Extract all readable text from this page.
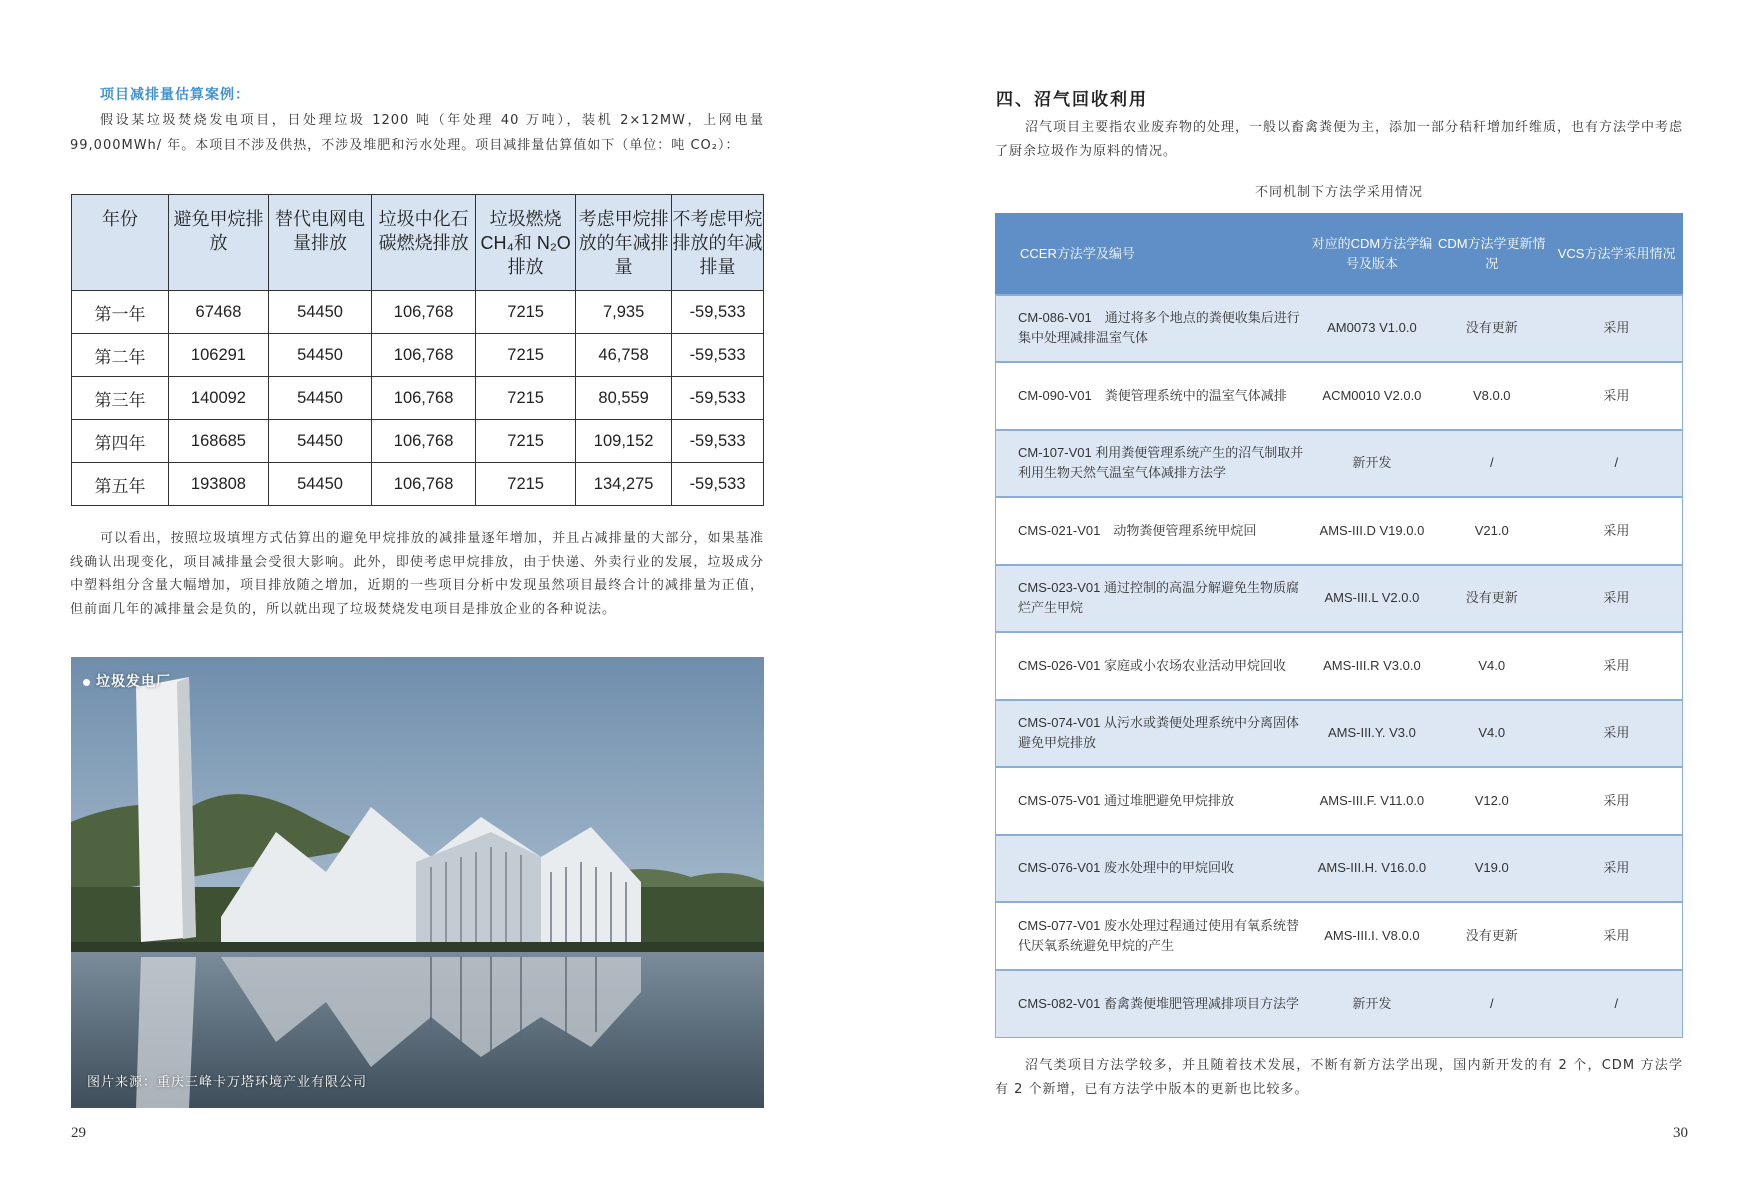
项目减排量估算案例：

假设某垃圾焚烧发电项目，日处理垃圾 1200 吨（年处理 40 万吨），装机 2×12MW，上网电量 99,000MWh/ 年。本项目不涉及供热，不涉及堆肥和污水处理。项目减排量估算值如下（单位：吨 CO₂）：

年份	避免甲烷排放	替代电网电量排放	垃圾中化石碳燃烧排放	垃圾燃烧 CH₄和 N₂O 排放	考虑甲烷排放的年减排量	不考虑甲烷排放的年减排量
第一年	67468	54450	106,768	7215	7,935	-59,533
第二年	106291	54450	106,768	7215	46,758	-59,533
第三年	140092	54450	106,768	7215	80,559	-59,533
第四年	168685	54450	106,768	7215	109,152	-59,533
第五年	193808	54450	106,768	7215	134,275	-59,533

可以看出，按照垃圾填埋方式估算出的避免甲烷排放的减排量逐年增加，并且占减排量的大部分，如果基准线确认出现变化，项目减排量会受很大影响。此外，即使考虑甲烷排放，由于快递、外卖行业的发展，垃圾成分中塑料组分含量大幅增加，项目排放随之增加，近期的一些项目分析中发现虽然项目最终合计的减排量为正值，但前面几年的减排量会是负的，所以就出现了垃圾焚烧发电项目是排放企业的各种说法。

垃圾发电厂
图片来源：重庆三峰卡万塔环境产业有限公司
29
四、沼气回收利用

沼气项目主要指农业废弃物的处理，一般以畜禽粪便为主，添加一部分秸秆增加纤维质，也有方法学中考虑了厨余垃圾作为原料的情况。

不同机制下方法学采用情况
CCER方法学及编号	对应的CDM方法学编号及版本	CDM方法学更新情况	VCS方法学采用情况
CM-086-V01　通过将多个地点的粪便收集后进行集中处理减排温室气体	AM0073 V1.0.0	没有更新	采用
CM-090-V01　粪便管理系统中的温室气体减排	ACM0010 V2.0.0	V8.0.0	采用
CM-107-V01 利用粪便管理系统产生的沼气制取并利用生物天然气温室气体减排方法学	新开发	/	/
CMS-021-V01　动物粪便管理系统甲烷回	AMS-III.D V19.0.0	V21.0	采用
CMS-023-V01 通过控制的高温分解避免生物质腐烂产生甲烷	AMS-III.L V2.0.0	没有更新	采用
CMS-026-V01 家庭或小农场农业活动甲烷回收	AMS-III.R V3.0.0	V4.0	采用
CMS-074-V01 从污水或粪便处理系统中分离固体避免甲烷排放	AMS-III.Y. V3.0	V4.0	采用
CMS-075-V01 通过堆肥避免甲烷排放	AMS-III.F. V11.0.0	V12.0	采用
CMS-076-V01 废水处理中的甲烷回收	AMS-III.H. V16.0.0	V19.0	采用
CMS-077-V01 废水处理过程通过使用有氧系统替代厌氧系统避免甲烷的产生	AMS-III.I. V8.0.0	没有更新	采用
CMS-082-V01 畜禽粪便堆肥管理减排项目方法学	新开发	/	/

沼气类项目方法学较多，并且随着技术发展，不断有新方法学出现，国内新开发的有 2 个，CDM 方法学有 2 个新增，已有方法学中版本的更新也比较多。

30
